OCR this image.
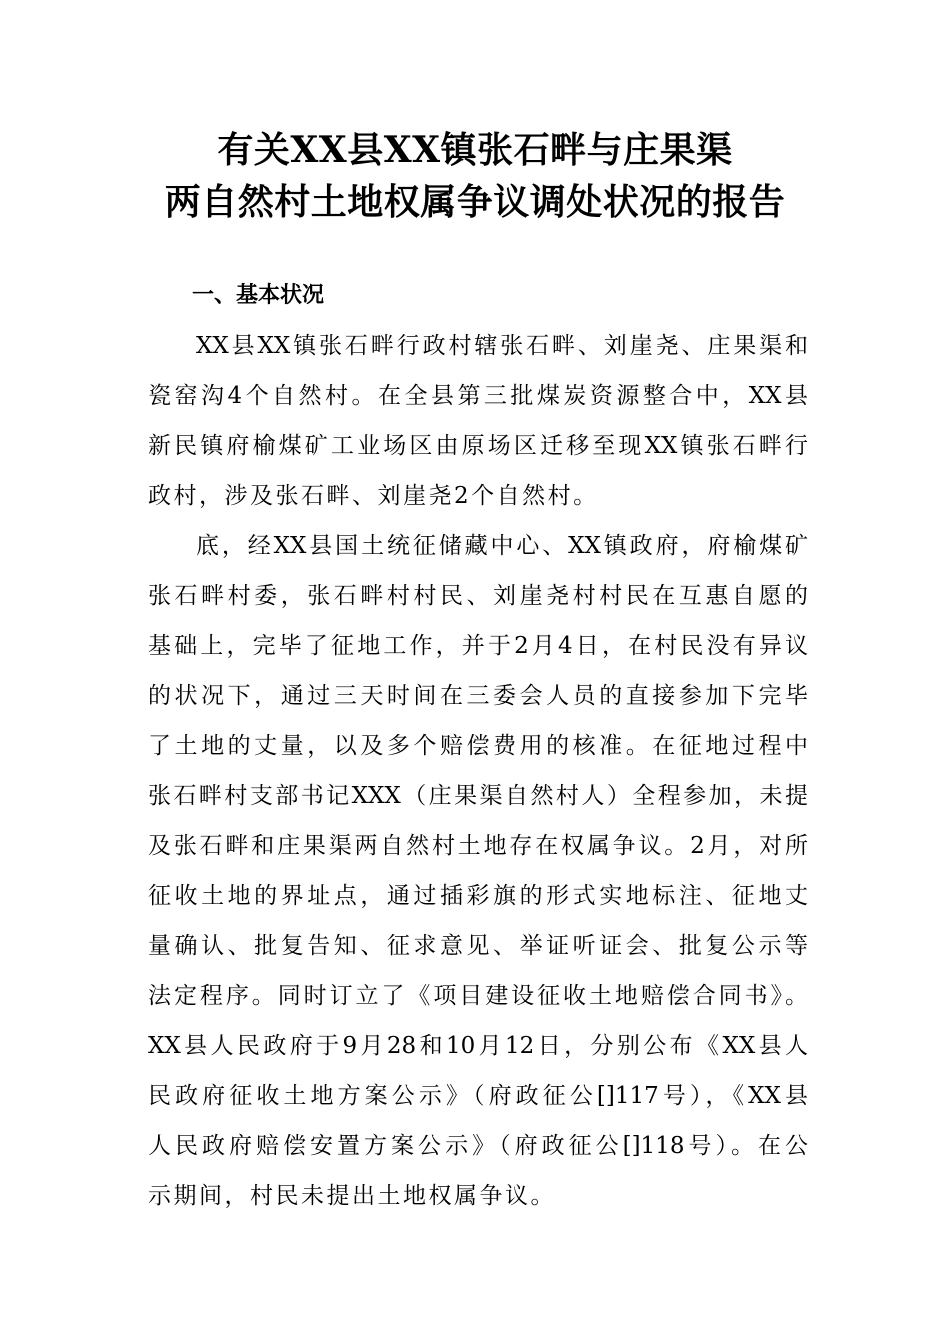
有关XX县XX镇张石畔与庄果渠
两自然村土地权属争议调处状况的报告
一、基本状况
XX县XX镇张石畔行政村辖张石畔、刘崖尧、庄果渠和
瓷窑沟4个自然村。在全县第三批煤炭资源整合中，XX县
新民镇府榆煤矿工业场区由原场区迁移至现XX镇张石畔行
政村，涉及张石畔、刘崖尧2个自然村。
底，经XX县国土统征储藏中心、XX镇政府，府榆煤矿
张石畔村委，张石畔村村民、刘崖尧村村民在互惠自愿的
基础上，完毕了征地工作，并于2月4日，在村民没有异议
的状况下，通过三天时间在三委会人员的直接参加下完毕
了土地的丈量，以及多个赔偿费用的核准。在征地过程中
张石畔村支部书记XXX（庄果渠自然村人）全程参加，未提
及张石畔和庄果渠两自然村土地存在权属争议。2月，对所
征收土地的界址点，通过插彩旗的形式实地标注、征地丈
量确认、批复告知、征求意见、举证听证会、批复公示等
法定程序。同时订立了《项目建设征收土地赔偿合同书》。
XX县人民政府于9月28和10月12日，分别公布《XX县人
民政府征收土地方案公示》（府政征公[]117号），《XX县
人民政府赔偿安置方案公示》（府政征公[]118号）。在公
示期间，村民未提出土地权属争议。
